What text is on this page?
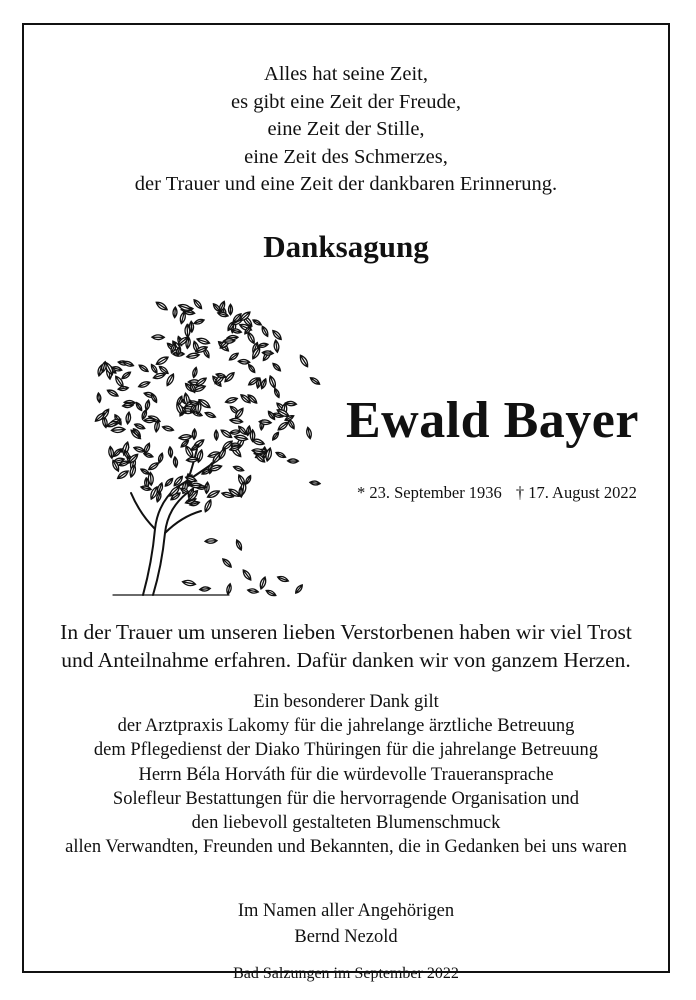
Alles hat seine Zeit,
es gibt eine Zeit der Freude,
eine Zeit der Stille,
eine Zeit des Schmerzes,
der Trauer und eine Zeit der dankbaren Erinnerung.
Danksagung
Ewald Bayer
* 23. September 1936 † 17. August 2022
In der Trauer um unseren lieben Verstorbenen haben wir viel Trost
und Anteilnahme erfahren. Dafür danken wir von ganzem Herzen.
Ein besonderer Dank gilt
der Arztpraxis Lakomy für die jahrelange ärztliche Betreuung
dem Pflegedienst der Diako Thüringen für die jahrelange Betreuung
Herrn Béla Horváth für die würdevolle Traueransprache
Solefleur Bestattungen für die hervorragende Organisation und
den liebevoll gestalteten Blumenschmuck
allen Verwandten, Freunden und Bekannten, die in Gedanken bei uns waren
Im Namen aller Angehörigen
Bernd Nezold
Bad Salzungen im September 2022
